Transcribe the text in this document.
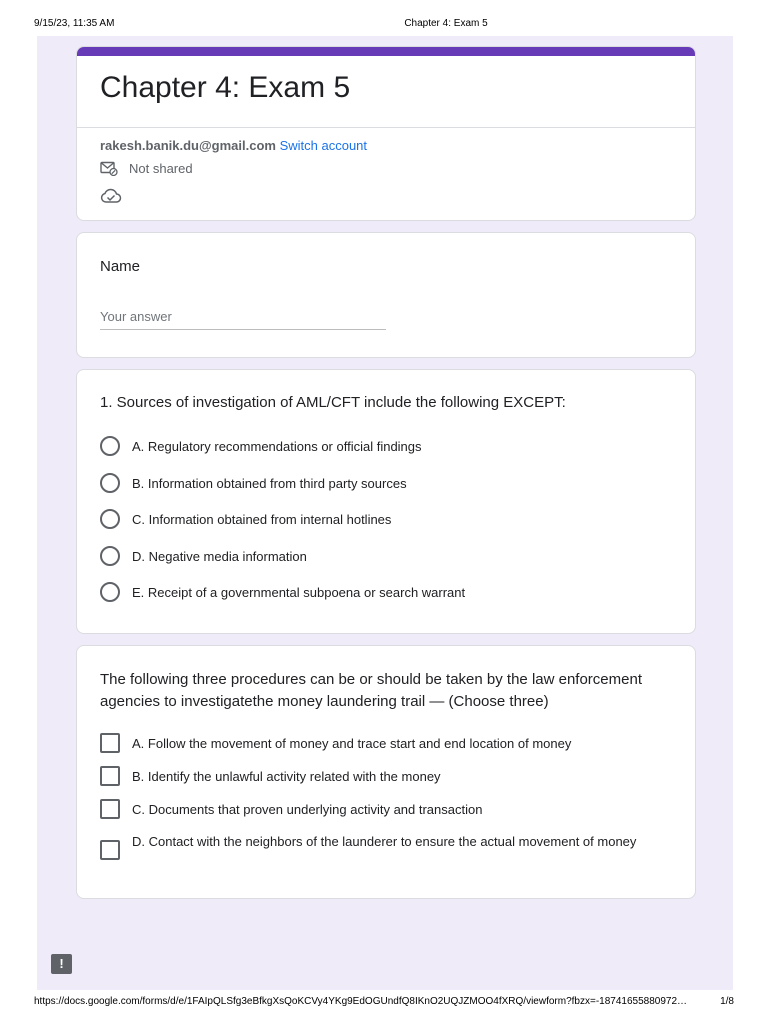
9/15/23, 11:35 AM	Chapter 4: Exam 5
Chapter 4: Exam 5
rakesh.banik.du@gmail.com Switch account
Not shared
Name
Your answer
1. Sources of investigation of AML/CFT include the following EXCEPT:
A. Regulatory recommendations or official findings
B. Information obtained from third party sources
C. Information obtained from internal hotlines
D. Negative media information
E. Receipt of a governmental subpoena or search warrant
The following three procedures can be or should be taken by the law enforcement agencies to investigatethe money laundering trail — (Choose three)
A. Follow the movement of money and trace start and end location of money
B. Identify the unlawful activity related with the money
C. Documents that proven underlying activity and transaction
D. Contact with the neighbors of the launderer to ensure the actual movement of money
!
https://docs.google.com/forms/d/e/1FAIpQLSfg3eBfkgXsQoKCVy4YKg9EdOGUndfQ8IKnO2UQJZMOO4fXRQ/viewform?fbzx=-18741655880972…	1/8
